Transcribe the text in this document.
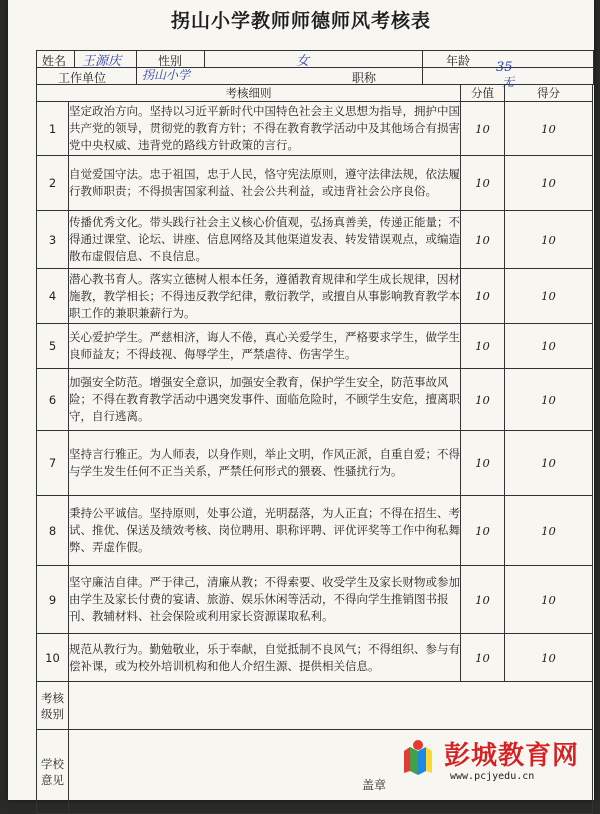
拐山小学教师师德师风考核表
姓名 王源庆	性别	女	年龄 35
工作单位	拐山小学	职称	无
考核细则		分值	得分
1	坚定政治方向。坚持以习近平新时代中国特色社会主义思想为指导，拥护中国共产党的领导，贯彻党的教育方针；不得在教育教学活动中及其他场合有损害党中央权威、违背党的路线方针政策的言行。	10	10
2	自觉爱国守法。忠于祖国，忠于人民，恪守宪法原则，遵守法律法规，依法履行教师职责；不得损害国家利益、社会公共利益，或违背社会公序良俗。	10	10
3	传播优秀文化。带头践行社会主义核心价值观，弘扬真善美，传递正能量；不得通过课堂、论坛、讲座、信息网络及其他渠道发表、转发错误观点，或编造散布虚假信息、不良信息。	10	10
4	潜心教书育人。落实立德树人根本任务，遵循教育规律和学生成长规律，因材施教，教学相长；不得违反教学纪律，敷衍教学，或擅自从事影响教育教学本职工作的兼职兼薪行为。	10	10
5	关心爱护学生。严慈相济，诲人不倦，真心关爱学生，严格要求学生，做学生良师益友；不得歧视、侮辱学生，严禁虐待、伤害学生。	10	10
6	加强安全防范。增强安全意识，加强安全教育，保护学生安全，防范事故风险；不得在教育教学活动中遇突发事件、面临危险时，不顾学生安危，擅离职守，自行逃离。	10	10
7	坚持言行雅正。为人师表，以身作则，举止文明，作风正派，自重自爱；不得与学生发生任何不正当关系，严禁任何形式的猥亵、性骚扰行为。	10	10
8	秉持公平诚信。坚持原则，处事公道，光明磊落，为人正直；不得在招生、考试、推优、保送及绩效考核、岗位聘用、职称评聘、评优评奖等工作中徇私舞弊、弄虚作假。	10	10
9	坚守廉洁自律。严于律己，清廉从教；不得索要、收受学生及家长财物或参加由学生及家长付费的宴请、旅游、娱乐休闲等活动，不得向学生推销图书报刊、教辅材料、社会保险或利用家长资源谋取私利。	10	10
10	规范从教行为。勤勉敬业，乐于奉献，自觉抵制不良风气；不得组织、参与有偿补课，或为校外培训机构和他人介绍生源、提供相关信息。	10	10
考核级别			
学校意见				盖章
彭城教育网
www.pcjyedu.cn
